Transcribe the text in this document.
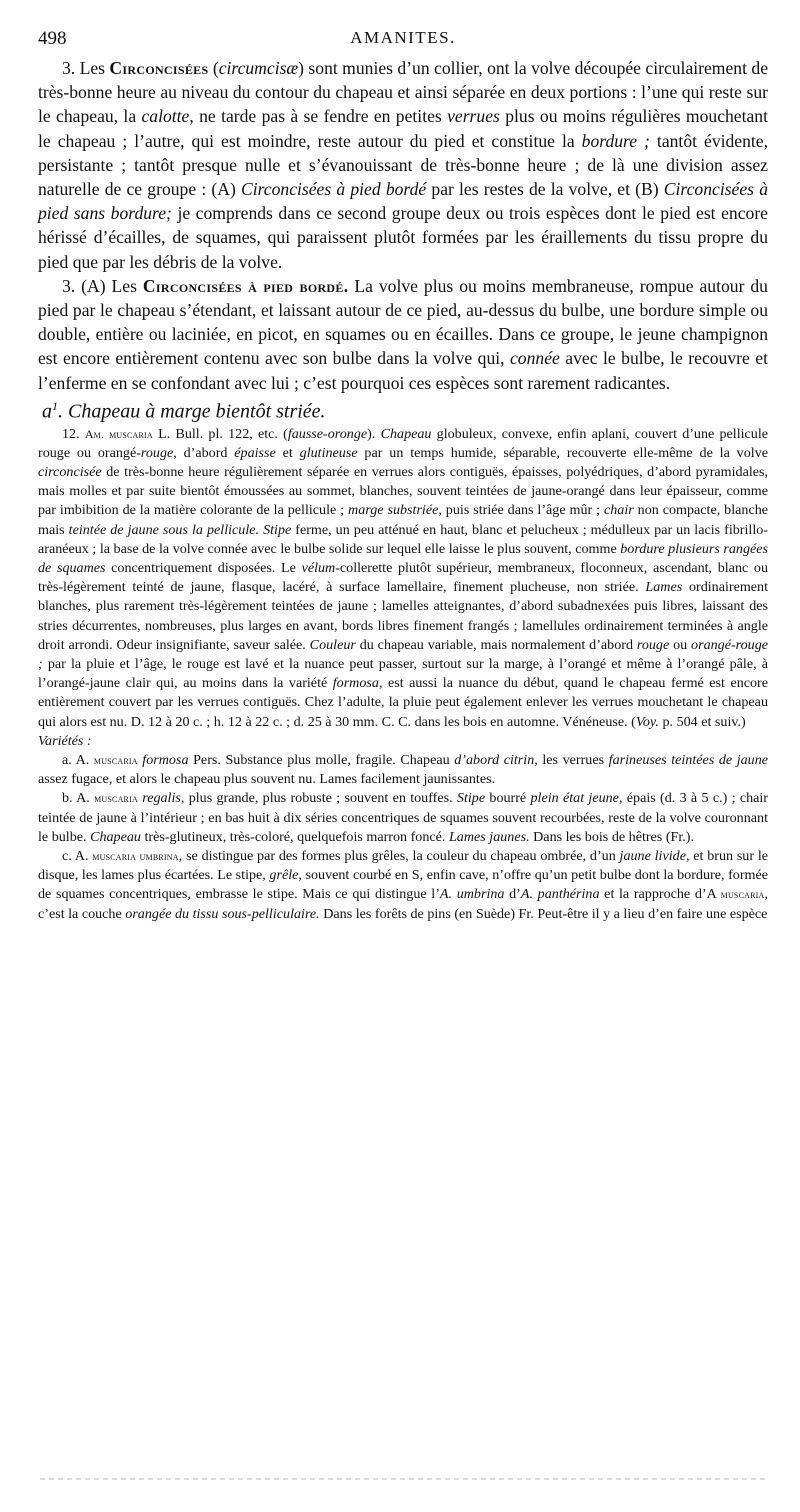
498	AMANITES.

3. Les Circoncisées (circumcisæ) sont munies d’un collier, ont la volve découpée circulairement de très-bonne heure au niveau du contour du chapeau et ainsi séparée en deux portions : l’une qui reste sur le chapeau, la calotte, ne tarde pas à se fendre en petites verrues plus ou moins régulières mouchetant le chapeau ; l’autre, qui est moindre, reste autour du pied et constitue la bordure ; tantôt évidente, persistante ; tantôt presque nulle et s’évanouissant de très-bonne heure ; de là une division assez naturelle de ce groupe : (A) Circoncisées à pied bordé par les restes de la volve, et (B) Circoncisées à pied sans bordure; je comprends dans ce second groupe deux ou trois espèces dont le pied est encore hérissé d’écailles, de squames, qui paraissent plutôt formées par les éraillements du tissu propre du pied que par les débris de la volve.

3. (A) Les Circoncisées à pied bordé. La volve plus ou moins membraneuse, rompue autour du pied par le chapeau s’étendant, et laissant autour de ce pied, au-dessus du bulbe, une bordure simple ou double, entière ou laciniée, en picot, en squames ou en écailles. Dans ce groupe, le jeune champignon est encore entièrement contenu avec son bulbe dans la volve qui, connée avec le bulbe, le recouvre et l’enferme en se confondant avec lui ; c’est pourquoi ces espèces sont rarement radicantes.

$a^1$. Chapeau à marge bientôt striée.

12. Am. muscaria L. Bull. pl. 122, etc. (fausse-oronge). Chapeau globuleux, convexe, enfin aplani, couvert d’une pellicule rouge ou orangé-rouge, d’abord épaisse et glutineuse par un temps humide, séparable, recouverte elle-même de la volve circoncisée de très-bonne heure régulièrement séparée en verrues alors contiguës, épaisses, polyédriques, d’abord pyramidales, mais molles et par suite bientôt émoussées au sommet, blanches, souvent teintées de jaune-orangé dans leur épaisseur, comme par imbibition de la matière colorante de la pellicule ; marge substriée, puis striée dans l’âge mûr ; chair non compacte, blanche mais teintée de jaune sous la pellicule. Stipe ferme, un peu atténué en haut, blanc et pelucheux ; médulleux par un lacis fibrillo-aranéeux ; la base de la volve connée avec le bulbe solide sur lequel elle laisse le plus souvent, comme bordure plusieurs rangées de squames concentriquement disposées. Le vélum-collerette plutôt supérieur, membraneux, floconneux, ascendant, blanc ou très-légèrement teinté de jaune, flasque, lacéré, à surface lamellaire, finement plucheuse, non striée. Lames ordinairement blanches, plus rarement très-légèrement teintées de jaune ; lamelles atteignantes, d’abord subadnexées puis libres, laissant des stries décurrentes, nombreuses, plus larges en avant, bords libres finement frangés ; lamellules ordinairement terminées à angle droit arrondi. Odeur insignifiante, saveur salée. Couleur du chapeau variable, mais normalement d’abord rouge ou orangé-rouge ; par la pluie et l’âge, le rouge est lavé et la nuance peut passer, surtout sur la marge, à l’orangé et même à l’orangé pâle, à l’orangé-jaune clair qui, au moins dans la variété formosa, est aussi la nuance du début, quand le chapeau fermé est encore entièrement couvert par les verrues contiguës. Chez l’adulte, la pluie peut également enlever les verrues mouchetant le chapeau qui alors est nu. D. 12 à 20 c. ; h. 12 à 22 c. ; d. 25 à 30 mm. C. C. dans les bois en automne. Vénéneuse. (Voy. p. 504 et suiv.)

Variétés :

a. A. muscaria formosa Pers. Substance plus molle, fragile. Chapeau d’abord citrin, les verrues farineuses teintées de jaune assez fugace, et alors le chapeau plus souvent nu. Lames facilement jaunissantes.

b. A. muscaria regalis, plus grande, plus robuste ; souvent en touffes. Stipe bourré plein état jeune, épais (d. 3 à 5 c.) ; chair teintée de jaune à l’intérieur ; en bas huit à dix séries concentriques de squames souvent recourbées, reste de la volve couronnant le bulbe. Chapeau très-glutineux, très-coloré, quelquefois marron foncé. Lames jaunes. Dans les bois de hêtres (Fr.).

c. A. muscaria umbrina, se distingue par des formes plus grêles, la couleur du chapeau ombrée, d’un jaune livide, et brun sur le disque, les lames plus écartées. Le stipe, grêle, souvent courbé en S, enfin cave, n’offre qu’un petit bulbe dont la bordure, formée de squames concentriques, embrasse le stipe. Mais ce qui distingue l’A. umbrina d’A. panthérina et la rapproche d’A muscaria, c’est la couche orangée du tissu sous-pelliculaire. Dans les forêts de pins (en Suède) Fr. Peut-être il y a lieu d’en faire une espèce
